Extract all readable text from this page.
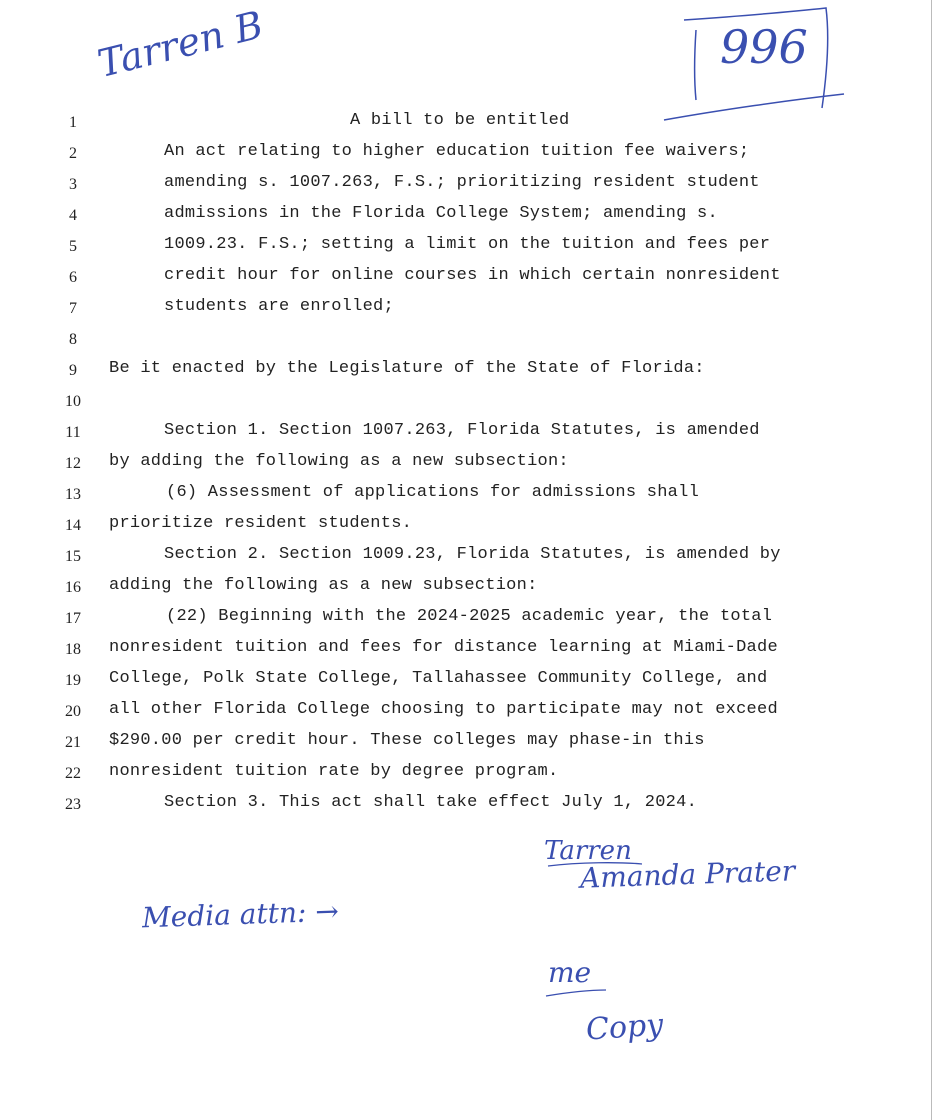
1
2
3
4
5
6
7
8
9
10
11
12
13
14
15
16
17
18
19
20
21
22
23
A bill to be entitled
An act relating to higher education tuition fee waivers;
amending s. 1007.263, F.S.; prioritizing resident student
admissions in the Florida College System; amending s.
1009.23. F.S.; setting a limit on the tuition and fees per
credit hour for online courses in which certain nonresident
students are enrolled;
Be it enacted by the Legislature of the State of Florida:
Section 1. Section 1007.263, Florida Statutes, is amended
by adding the following as a new subsection:
(6) Assessment of applications for admissions shall
prioritize resident students.
Section 2. Section 1009.23, Florida Statutes, is amended by
adding the following as a new subsection:
(22) Beginning with the 2024-2025 academic year, the total
nonresident tuition and fees for distance learning at Miami-Dade
College, Polk State College, Tallahassee Community College, and
all other Florida College choosing to participate may not exceed
$290.00 per credit hour. These colleges may phase-in this
nonresident tuition rate by degree program.
Section 3. This act shall take effect July 1, 2024.
Tarren B	996
Tarren
Amanda Prater
Media attn: →
me
Copy
